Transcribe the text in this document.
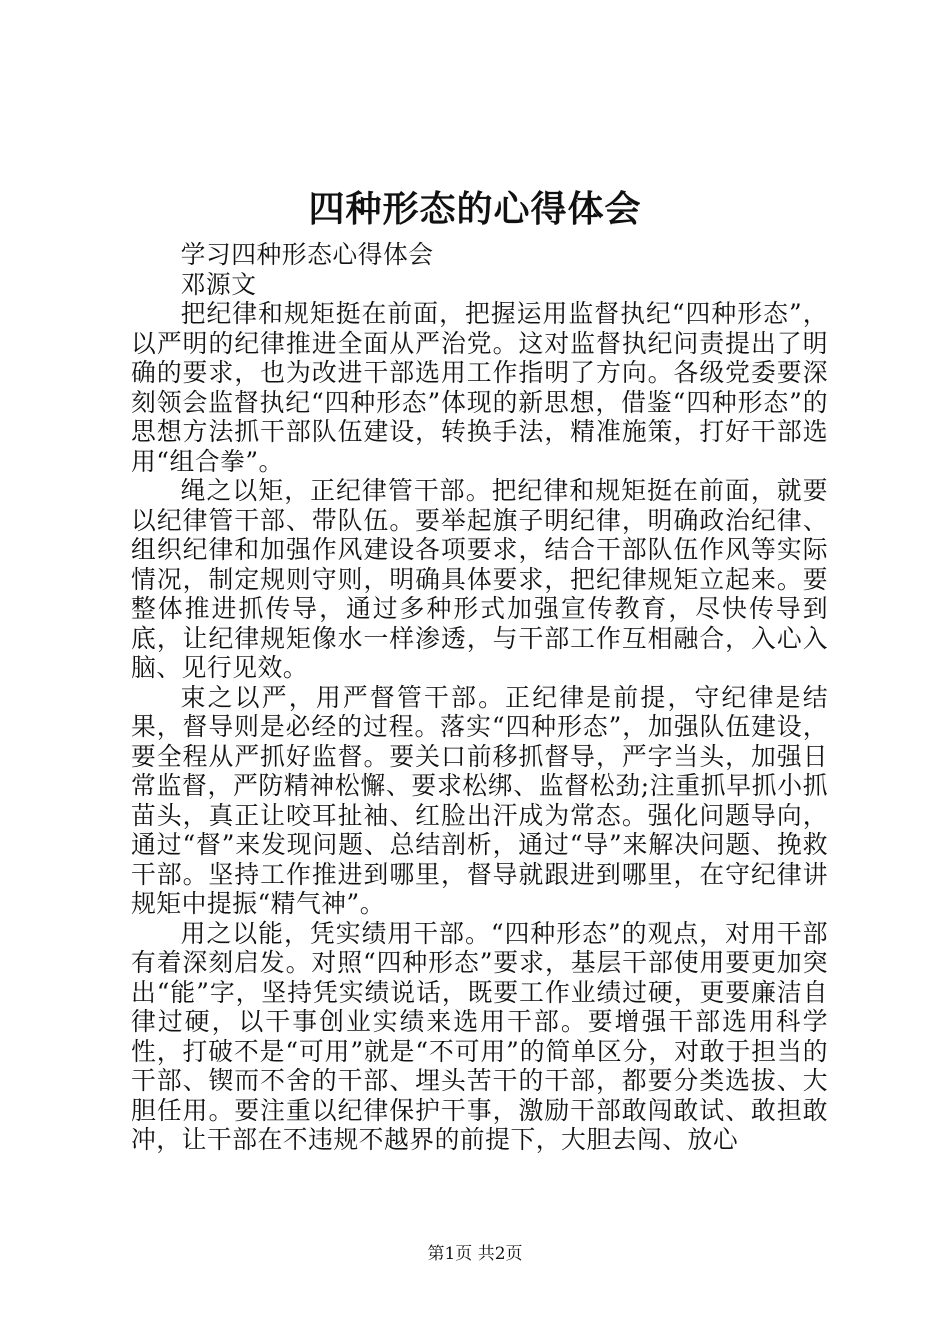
四种形态的心得体会

学习四种形态心得体会

邓源文

把纪律和规矩挺在前面，把握运用监督执纪“四种形态”，以严明的纪律推进全面从严治党。这对监督执纪问责提出了明确的要求，也为改进干部选用工作指明了方向。各级党委要深刻领会监督执纪“四种形态”体现的新思想，借鉴“四种形态”的思想方法抓干部队伍建设，转换手法，精准施策，打好干部选用“组合拳”。

绳之以矩，正纪律管干部。把纪律和规矩挺在前面，就要以纪律管干部、带队伍。要举起旗子明纪律，明确政治纪律、组织纪律和加强作风建设各项要求，结合干部队伍作风等实际情况，制定规则守则，明确具体要求，把纪律规矩立起来。要整体推进抓传导，通过多种形式加强宣传教育，尽快传导到底，让纪律规矩像水一样渗透，与干部工作互相融合，入心入脑、见行见效。

束之以严，用严督管干部。正纪律是前提，守纪律是结果，督导则是必经的过程。落实“四种形态”，加强队伍建设，要全程从严抓好监督。要关口前移抓督导，严字当头，加强日常监督，严防精神松懈、要求松绑、监督松劲;注重抓早抓小抓苗头，真正让咬耳扯袖、红脸出汗成为常态。强化问题导向，通过“督”来发现问题、总结剖析，通过“导”来解决问题、挽救干部。坚持工作推进到哪里，督导就跟进到哪里，在守纪律讲规矩中提振“精气神”。

用之以能，凭实绩用干部。“四种形态”的观点，对用干部有着深刻启发。对照“四种形态”要求，基层干部使用要更加突出“能”字，坚持凭实绩说话，既要工作业绩过硬，更要廉洁自律过硬，以干事创业实绩来选用干部。要增强干部选用科学性，打破不是“可用”就是“不可用”的简单区分，对敢于担当的干部、锲而不舍的干部、埋头苦干的干部，都要分类选拔、大胆任用。要注重以纪律保护干事，激励干部敢闯敢试、敢担敢冲，让干部在不违规不越界的前提下，大胆去闯、放心

第1页 共2页
